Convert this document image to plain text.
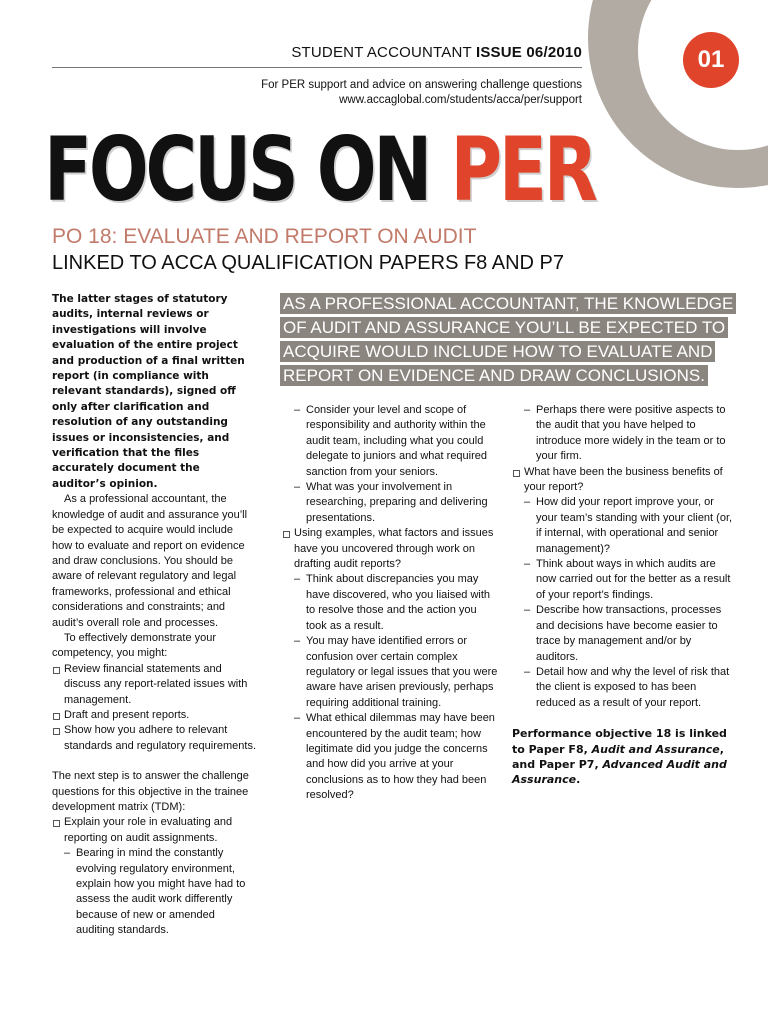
01
STUDENT ACCOUNTANT ISSUE 06/2010
For PER support and advice on answering challenge questions
www.accaglobal.com/students/acca/per/support
FOCUS ON PER
PO 18: EVALUATE AND REPORT ON AUDIT
LINKED TO ACCA QUALIFICATION PAPERS F8 AND P7
AS A PROFESSIONAL ACCOUNTANT, THE KNOWLEDGE OF AUDIT AND ASSURANCE YOU’LL BE EXPECTED TO ACQUIRE WOULD INCLUDE HOW TO EVALUATE AND REPORT ON EVIDENCE AND DRAW CONCLUSIONS.

The latter stages of statutory audits, internal reviews or investigations will involve evaluation of the entire project and production of a final written report (in compliance with relevant standards), signed off only after clarification and resolution of any outstanding issues or inconsistencies, and verification that the files accurately document the auditor’s opinion.

As a professional accountant, the knowledge of audit and assurance you’ll be expected to acquire would include how to evaluate and report on evidence and draw conclusions. You should be aware of relevant regulatory and legal frameworks, professional and ethical considerations and constraints; and audit’s overall role and processes.

To effectively demonstrate your competency, you might:

Review financial statements and discuss any report-related issues with management.
Draft and present reports.
Show how you adhere to relevant standards and regulatory requirements.

The next step is to answer the challenge questions for this objective in the trainee development matrix (TDM):

Explain your role in evaluating and reporting on audit assignments.
– Bearing in mind the constantly evolving regulatory environment, explain how you might have had to assess the audit work differently because of new or amended auditing standards.
– Consider your level and scope of responsibility and authority within the audit team, including what you could delegate to juniors and what required sanction from your seniors.
– What was your involvement in researching, preparing and delivering presentations.
Using examples, what factors and issues have you uncovered through work on drafting audit reports?
– Think about discrepancies you may have discovered, who you liaised with to resolve those and the action you took as a result.
– You may have identified errors or confusion over certain complex regulatory or legal issues that you were aware have arisen previously, perhaps requiring additional training.
– What ethical dilemmas may have been encountered by the audit team; how legitimate did you judge the concerns and how did you arrive at your conclusions as to how they had been resolved?
– Perhaps there were positive aspects to the audit that you have helped to introduce more widely in the team or to your firm.
What have been the business benefits of your report?
– How did your report improve your, or your team’s standing with your client (or, if internal, with operational and senior management)?
– Think about ways in which audits are now carried out for the better as a result of your report’s findings.
– Describe how transactions, processes and decisions have become easier to trace by management and/or by auditors.
– Detail how and why the level of risk that the client is exposed to has been reduced as a result of your report.

Performance objective 18 is linked to Paper F8, Audit and Assurance, and Paper P7, Advanced Audit and Assurance.
